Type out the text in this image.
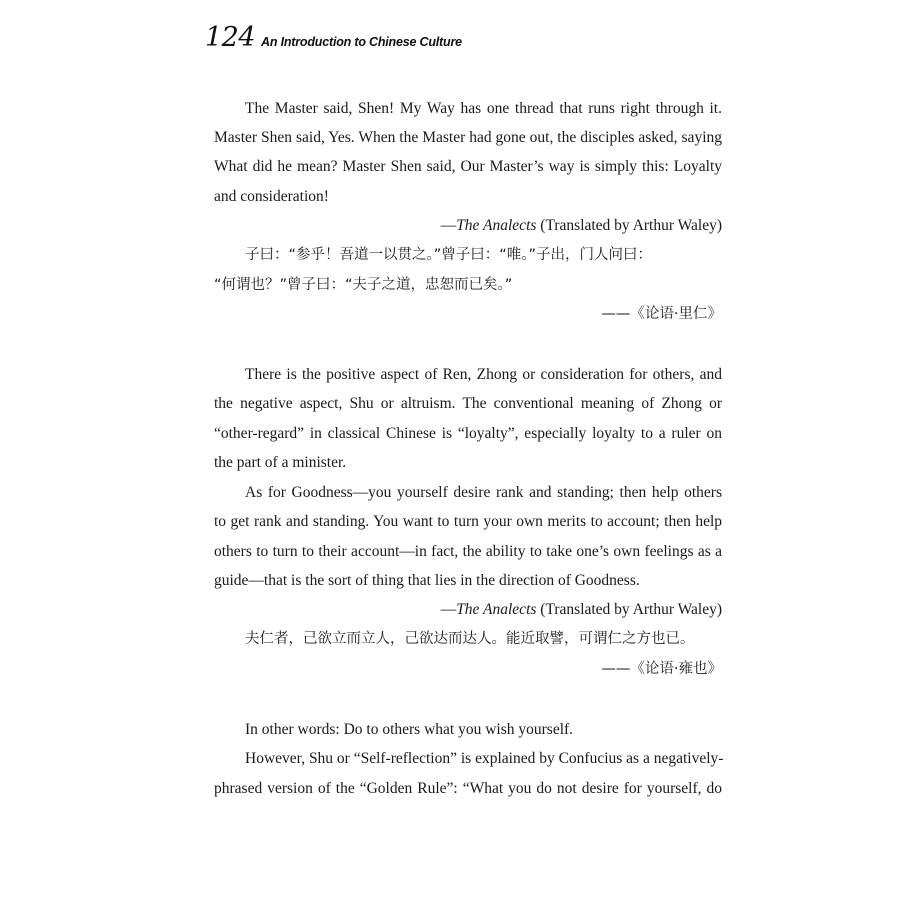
124 An Introduction to Chinese Culture
The Master said, Shen! My Way has one thread that runs right through it.
Master Shen said, Yes. When the Master had gone out, the disciples asked, saying
What did he mean? Master Shen said, Our Master’s way is simply this: Loyalty
and consideration!
—The Analects (Translated by Arthur Waley)
子曰：“参乎！吾道一以贯之。”曾子曰：“唯。”子出，门人问曰：
“何谓也？”曾子曰：“夫子之道，忠恕而已矣。”
——《论语·里仁》
There is the positive aspect of Ren, Zhong or consideration for others, and
the negative aspect, Shu or altruism. The conventional meaning of Zhong or
“other-regard” in classical Chinese is “loyalty”, especially loyalty to a ruler on
the part of a minister.
As for Goodness—you yourself desire rank and standing; then help others
to get rank and standing. You want to turn your own merits to account; then help
others to turn to their account—in fact, the ability to take one’s own feelings as a
guide—that is the sort of thing that lies in the direction of Goodness.
—The Analects (Translated by Arthur Waley)
夫仁者，己欲立而立人，己欲达而达人。能近取譬，可谓仁之方也已。
——《论语·雍也》
In other words: Do to others what you wish yourself.
However, Shu or “Self-reflection” is explained by Confucius as a negatively-
phrased version of the “Golden Rule”: “What you do not desire for yourself, do
